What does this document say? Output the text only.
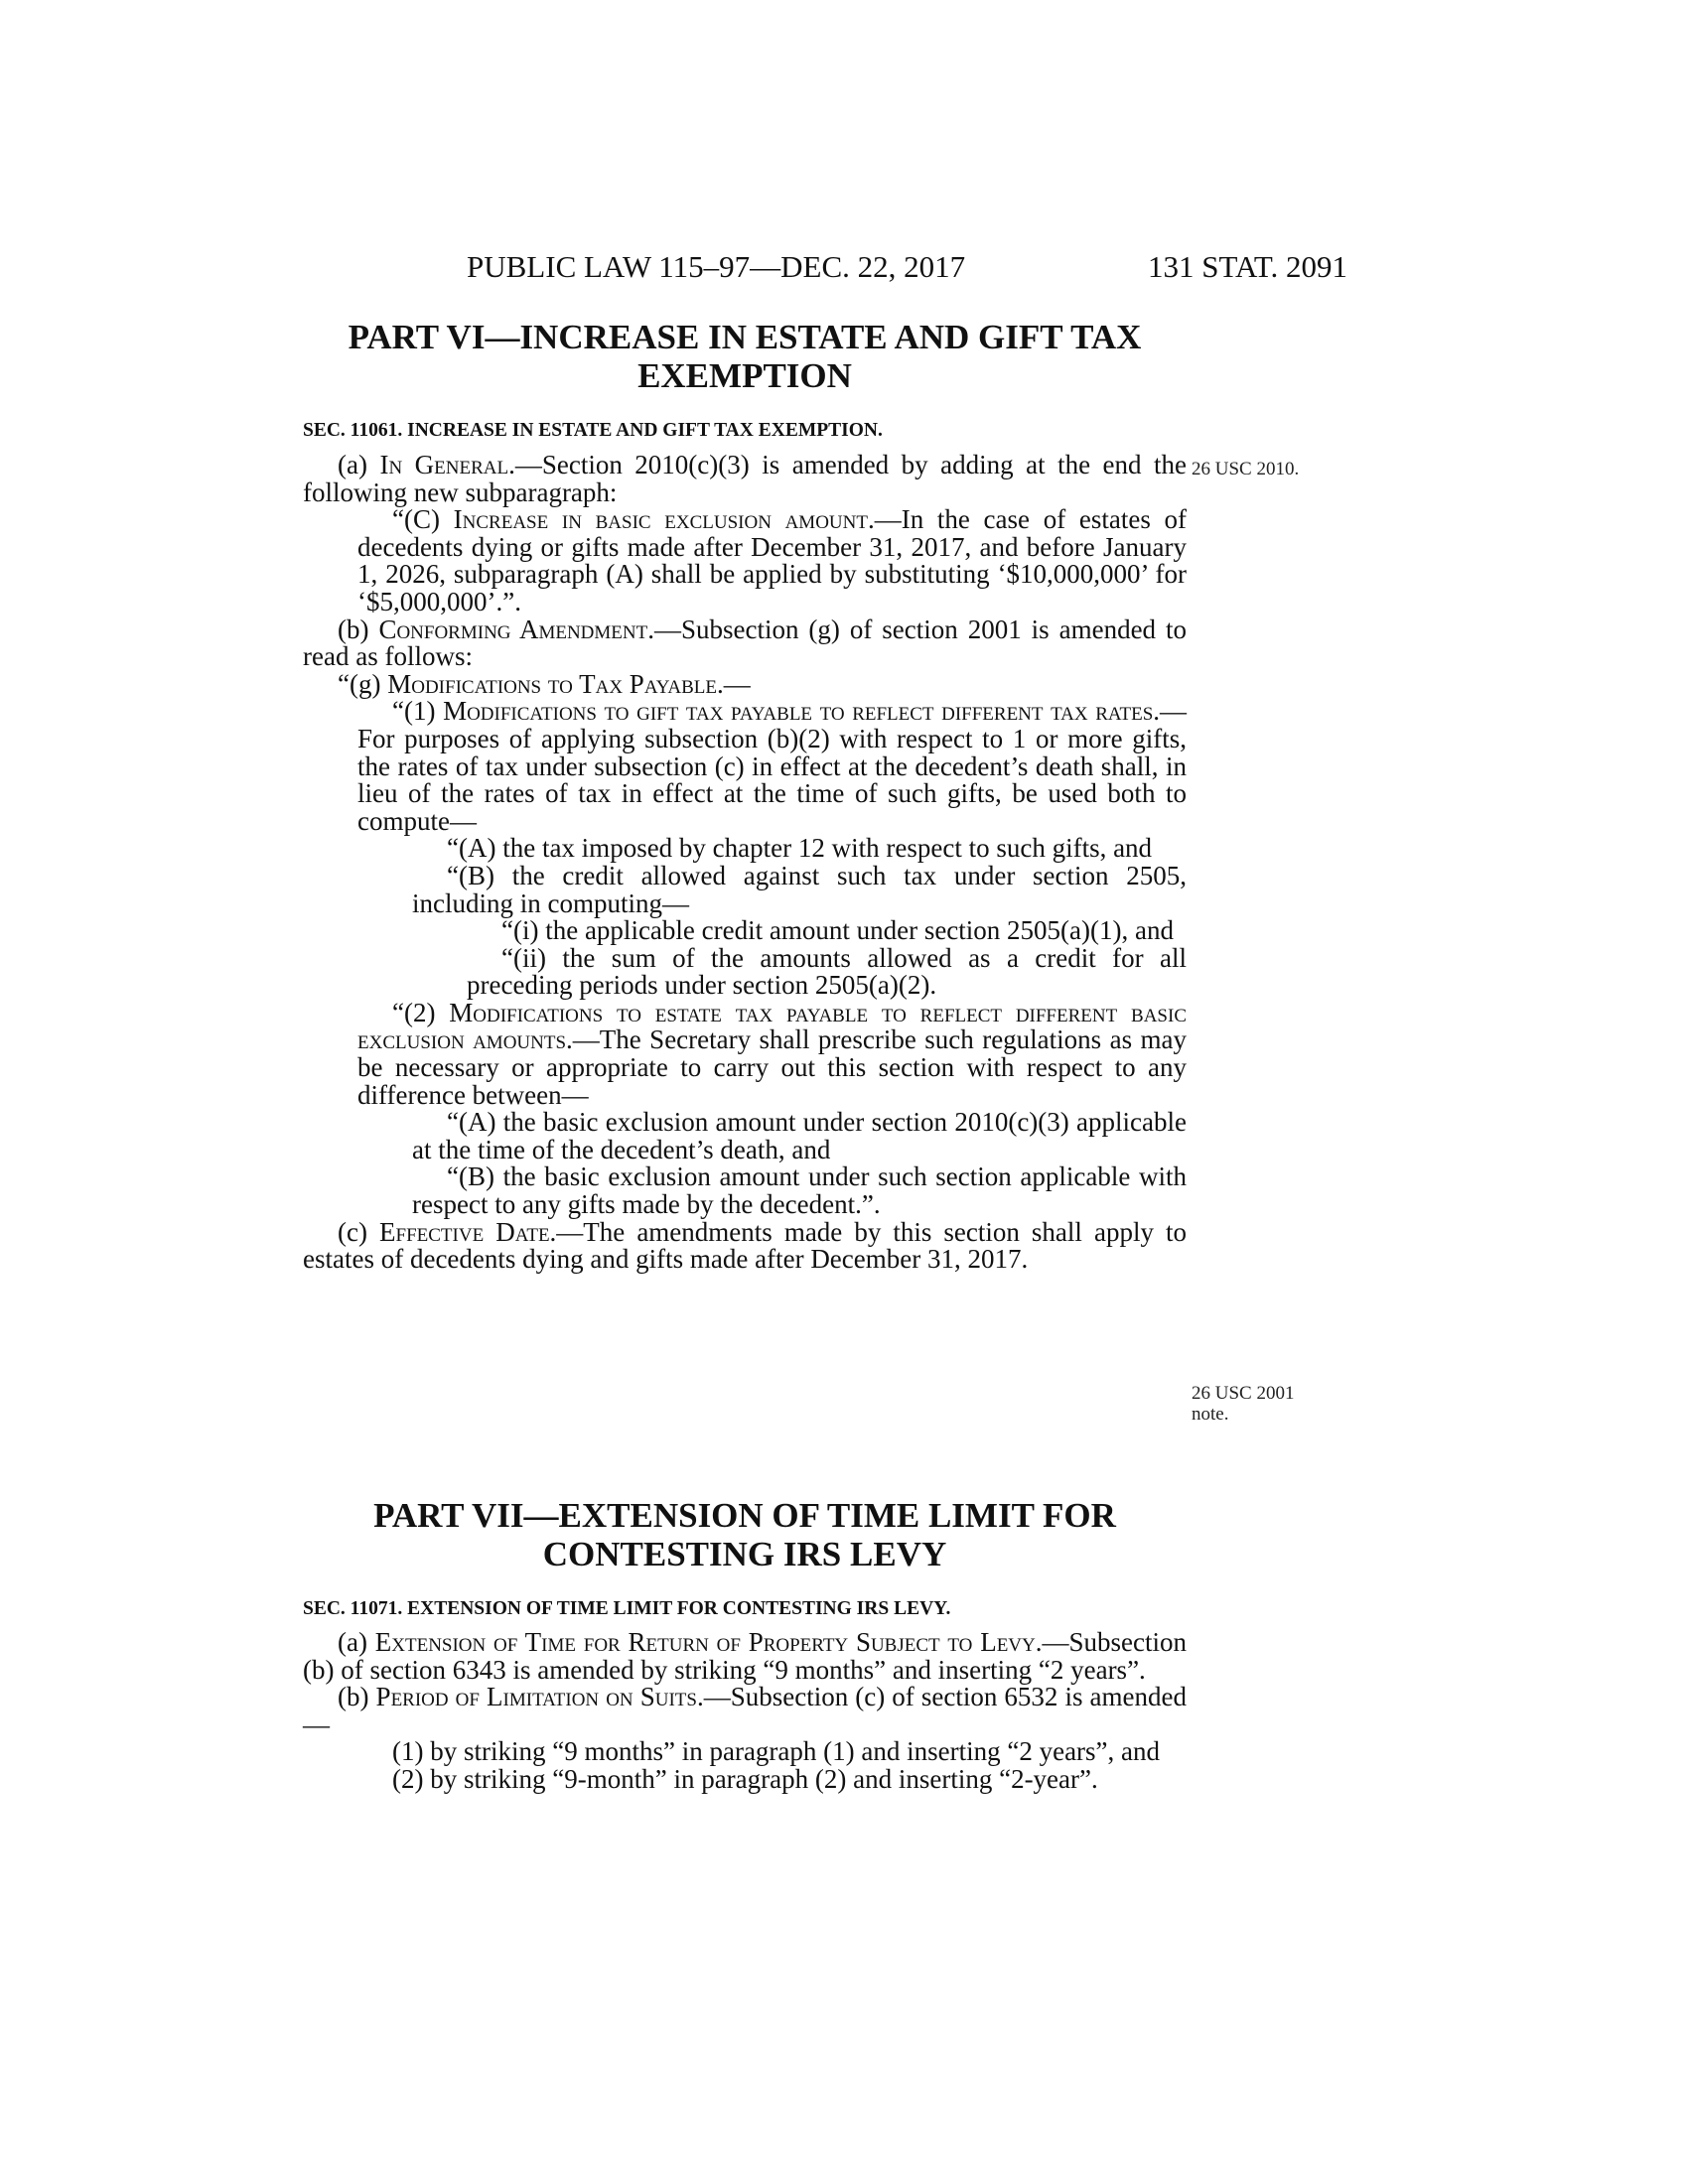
PUBLIC LAW 115–97—DEC. 22, 2017	131 STAT. 2091
PART VI—INCREASE IN ESTATE AND GIFT TAX
EXEMPTION
SEC. 11061. INCREASE IN ESTATE AND GIFT TAX EXEMPTION.

(a) In General.—Section 2010(c)(3) is amended by adding at the end the following new subparagraph:

“(C) Increase in basic exclusion amount.—In the case of estates of decedents dying or gifts made after December 31, 2017, and before January 1, 2026, subparagraph (A) shall be applied by substituting ‘$10,000,000’ for ‘$5,000,000’.”.

(b) Conforming Amendment.—Subsection (g) of section 2001 is amended to read as follows:

“(g) Modifications to Tax Payable.—

“(1) Modifications to gift tax payable to reflect different tax rates.—For purposes of applying subsection (b)(2) with respect to 1 or more gifts, the rates of tax under subsection (c) in effect at the decedent’s death shall, in lieu of the rates of tax in effect at the time of such gifts, be used both to compute—

“(A) the tax imposed by chapter 12 with respect to such gifts, and

“(B) the credit allowed against such tax under section 2505, including in computing—

“(i) the applicable credit amount under section 2505(a)(1), and

“(ii) the sum of the amounts allowed as a credit for all preceding periods under section 2505(a)(2).

“(2) Modifications to estate tax payable to reflect different basic exclusion amounts.—The Secretary shall prescribe such regulations as may be necessary or appropriate to carry out this section with respect to any difference between—

“(A) the basic exclusion amount under section 2010(c)(3) applicable at the time of the decedent’s death, and

“(B) the basic exclusion amount under such section applicable with respect to any gifts made by the decedent.”.

(c) Effective Date.—The amendments made by this section shall apply to estates of decedents dying and gifts made after December 31, 2017.

26 USC 2010.
26 USC 2001
note.
PART VII—EXTENSION OF TIME LIMIT FOR
CONTESTING IRS LEVY
SEC. 11071. EXTENSION OF TIME LIMIT FOR CONTESTING IRS LEVY.

(a) Extension of Time for Return of Property Subject to Levy.—Subsection (b) of section 6343 is amended by striking “9 months” and inserting “2 years”.

(b) Period of Limitation on Suits.—Subsection (c) of section 6532 is amended—

(1) by striking “9 months” in paragraph (1) and inserting “2 years”, and

(2) by striking “9-month” in paragraph (2) and inserting “2-year”.
